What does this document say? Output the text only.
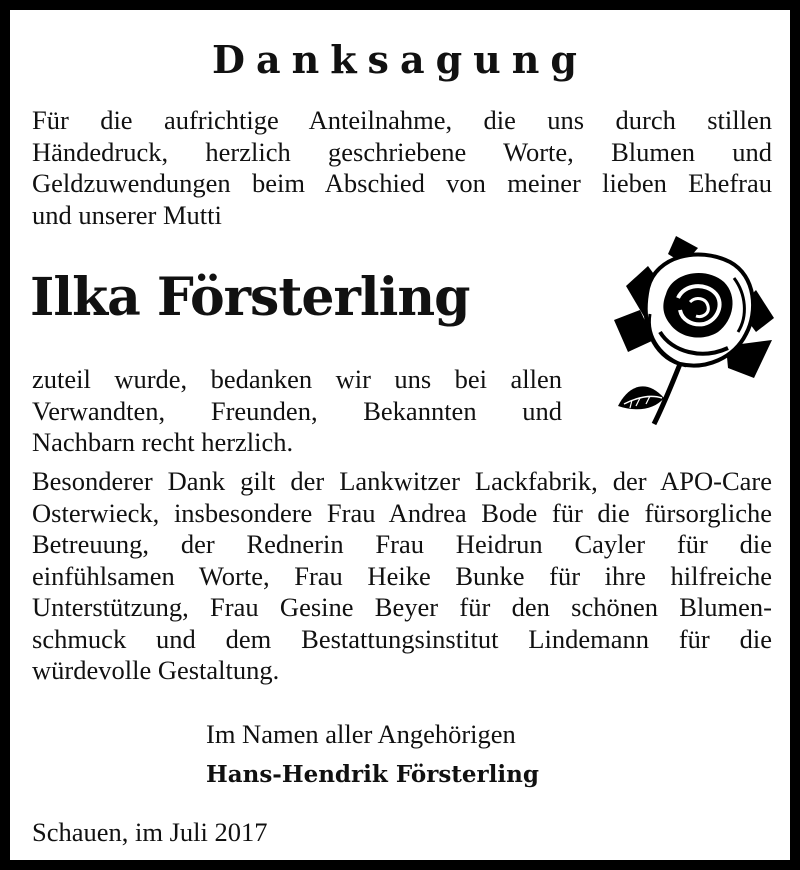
Danksagung

Für die aufrichtige Anteilnahme, die uns durch stillen
Händedruck, herzlich geschriebene Worte, Blumen und
Geldzuwendungen beim Abschied von meiner lieben Ehefrau
und unserer Mutti

Ilka Försterling

zuteil wurde, bedanken wir uns bei allen
Verwandten, Freunden, Bekannten und
Nachbarn recht herzlich.

Besonderer Dank gilt der Lankwitzer Lackfabrik, der APO-Care
Osterwieck, insbesondere Frau Andrea Bode für die fürsorgliche
Betreuung, der Rednerin Frau Heidrun Cayler für die
einfühlsamen Worte, Frau Heike Bunke für ihre hilfreiche
Unterstützung, Frau Gesine Beyer für den schönen Blumen-
schmuck und dem Bestattungsinstitut Lindemann für die
würdevolle Gestaltung.

Im Namen aller Angehörigen
Hans-Hendrik Försterling
Schauen, im Juli 2017
